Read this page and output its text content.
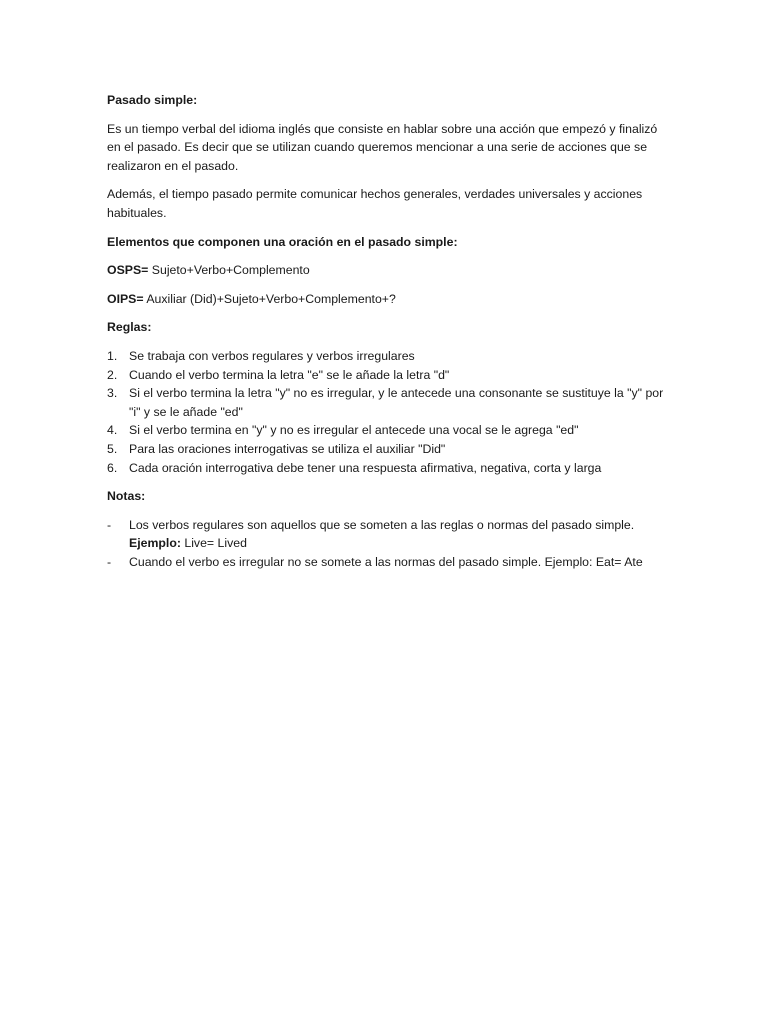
Pasado simple:

Es un tiempo verbal del idioma inglés que consiste en hablar sobre una acción que empezó y finalizó en el pasado. Es decir que se utilizan cuando queremos mencionar a una serie de acciones que se realizaron en el pasado.

Además, el tiempo pasado permite comunicar hechos generales, verdades universales y acciones habituales.

Elementos que componen una oración en el pasado simple:

OSPS= Sujeto+Verbo+Complemento

OIPS= Auxiliar (Did)+Sujeto+Verbo+Complemento+?

Reglas:

1. Se trabaja con verbos regulares y verbos irregulares
2. Cuando el verbo termina la letra "e" se le añade la letra "d"
3. Si el verbo termina la letra "y" no es irregular, y le antecede una consonante se sustituye la "y" por "i" y se le añade "ed"
4. Si el verbo termina en "y" y no es irregular el antecede una vocal se le agrega "ed"
5. Para las oraciones interrogativas se utiliza el auxiliar "Did"
6. Cada oración interrogativa debe tener una respuesta afirmativa, negativa, corta y larga

Notas:

-	Los verbos regulares son aquellos que se someten a las reglas o normas del pasado simple.
Ejemplo: Live= Lived
-	Cuando el verbo es irregular no se somete a las normas del pasado simple. Ejemplo: Eat= Ate
